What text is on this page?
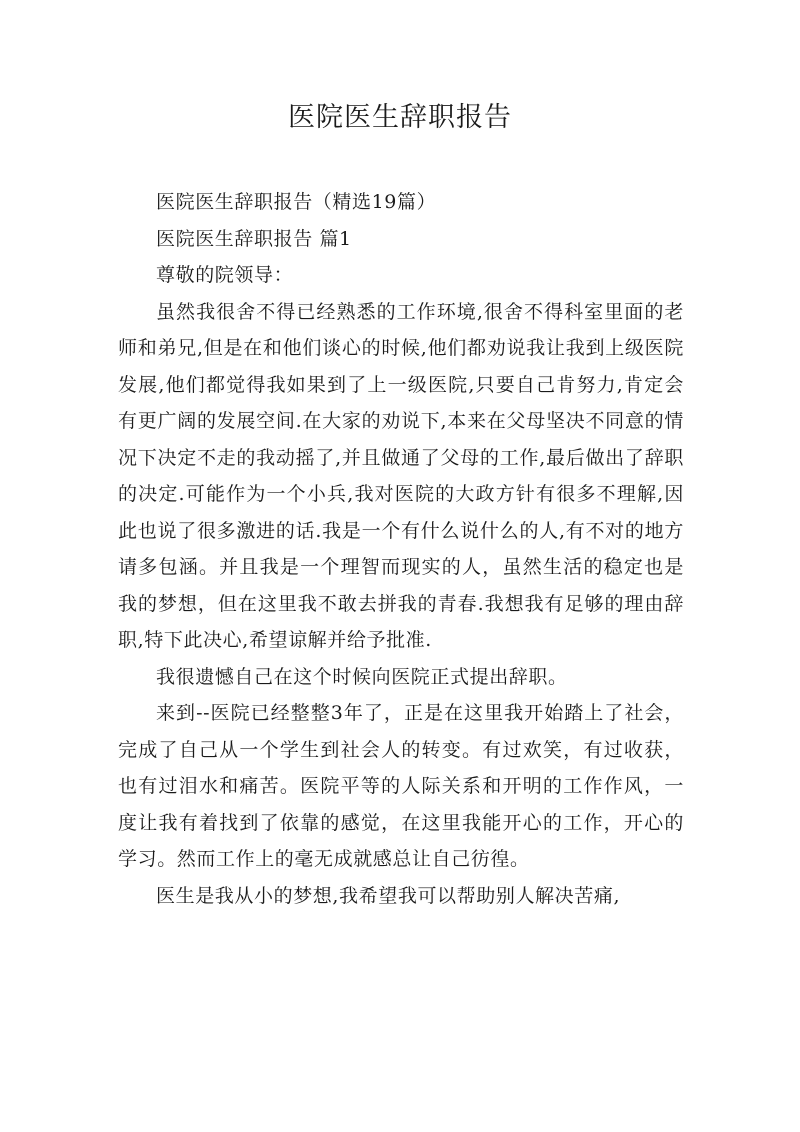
医院医生辞职报告

医院医生辞职报告（精选19篇）

医院医生辞职报告 篇1

尊敬的院领导：

虽然我很舍不得已经熟悉的工作环境,很舍不得科室里面的老师和弟兄,但是在和他们谈心的时候,他们都劝说我让我到上级医院发展,他们都觉得我如果到了上一级医院,只要自己肯努力,肯定会有更广阔的发展空间.在大家的劝说下,本来在父母坚决不同意的情况下决定不走的我动摇了,并且做通了父母的工作,最后做出了辞职的决定.可能作为一个小兵,我对医院的大政方针有很多不理解,因此也说了很多激进的话.我是一个有什么说什么的人,有不对的地方请多包涵。并且我是一个理智而现实的人，虽然生活的稳定也是我的梦想，但在这里我不敢去拼我的青春.我想我有足够的理由辞职,特下此决心,希望谅解并给予批准.

我很遗憾自己在这个时候向医院正式提出辞职。

来到--医院已经整整3年了，正是在这里我开始踏上了社会，完成了自己从一个学生到社会人的转变。有过欢笑，有过收获，也有过泪水和痛苦。医院平等的人际关系和开明的工作作风，一度让我有着找到了依靠的感觉，在这里我能开心的工作，开心的学习。然而工作上的毫无成就感总让自己彷徨。

医生是我从小的梦想,我希望我可以帮助别人解决苦痛,
